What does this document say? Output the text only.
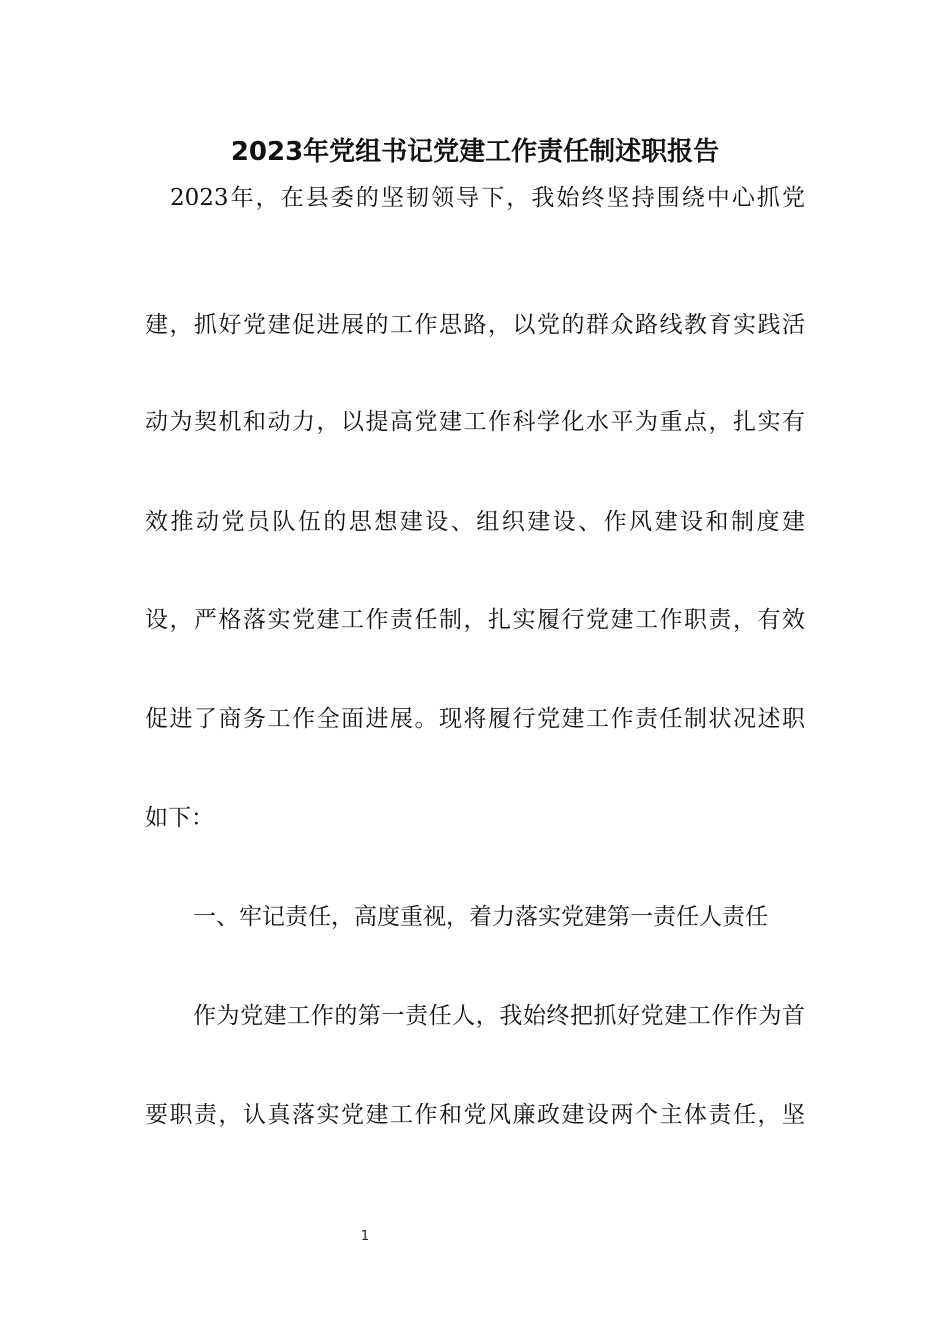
2023年党组书记党建工作责任制述职报告
2023年，在县委的坚韧领导下，我始终坚持围绕中心抓党
建，抓好党建促进展的工作思路，以党的群众路线教育实践活
动为契机和动力，以提高党建工作科学化水平为重点，扎实有
效推动党员队伍的思想建设、组织建设、作风建设和制度建
设，严格落实党建工作责任制，扎实履行党建工作职责，有效
促进了商务工作全面进展。现将履行党建工作责任制状况述职
如下：
一、牢记责任，高度重视，着力落实党建第一责任人责任
作为党建工作的第一责任人，我始终把抓好党建工作作为首
要职责，认真落实党建工作和党风廉政建设两个主体责任，坚
1
